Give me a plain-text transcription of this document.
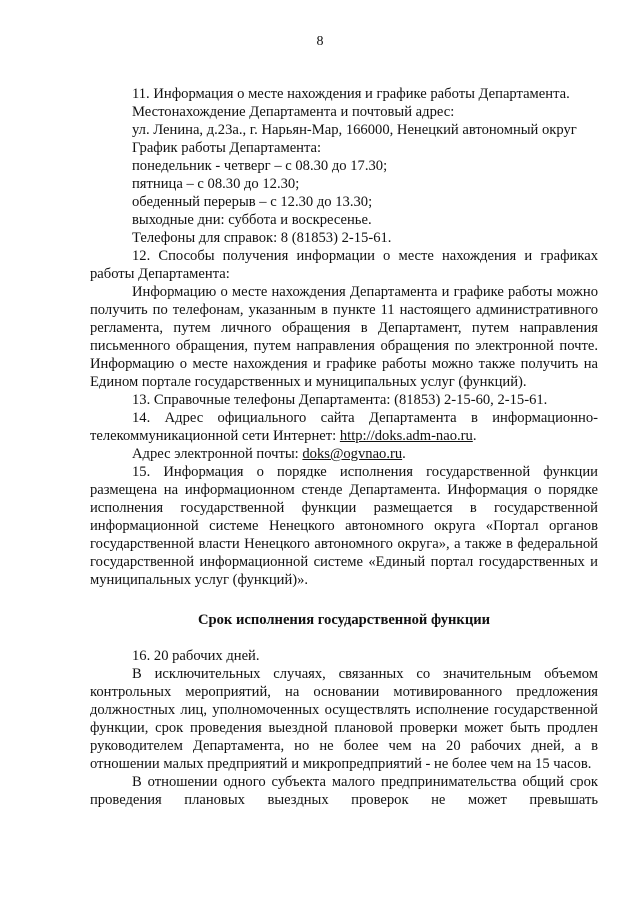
8

11. Информация о месте нахождения и графике работы Департамента.

Местонахождение Департамента и почтовый адрес:

ул. Ленина, д.23а., г. Нарьян-Мар, 166000, Ненецкий автономный округ

График работы Департамента:

понедельник - четверг – с 08.30 до 17.30;

пятница – с 08.30 до 12.30;

обеденный перерыв – с 12.30 до 13.30;

выходные дни: суббота и воскресенье.

Телефоны для справок: 8 (81853) 2-15-61.

12. Способы получения информации о месте нахождения и графиках работы Департамента:

Информацию о месте нахождения Департамента и графике работы можно получить по телефонам, указанным в пункте 11 настоящего административного регламента, путем личного обращения в Департамент, путем направления письменного обращения, путем направления обращения по электронной почте. Информацию о месте нахождения и графике работы можно также получить на Едином портале государственных и муниципальных услуг (функций).

13. Справочные телефоны Департамента: (81853) 2-15-60, 2-15-61.

14. Адрес официального сайта Департамента в информационно-телекоммуникационной сети Интернет: http://doks.adm-nao.ru.

Адрес электронной почты: doks@ogvnao.ru.

15. Информация о порядке исполнения государственной функции размещена на информационном стенде Департамента. Информация о порядке исполнения государственной функции размещается в государственной информационной системе Ненецкого автономного округа «Портал органов государственной власти Ненецкого автономного округа», а также в федеральной государственной информационной системе «Единый портал государственных и муниципальных услуг (функций)».

Срок исполнения государственной функции

16. 20 рабочих дней.

В исключительных случаях, связанных со значительным объемом контрольных мероприятий, на основании мотивированного предложения должностных лиц, уполномоченных осуществлять исполнение государственной функции, срок проведения выездной плановой проверки может быть продлен руководителем Департамента, но не более чем на 20 рабочих дней, а в отношении малых предприятий и микропредприятий - не более чем на 15 часов.

В отношении одного субъекта малого предпринимательства общий срок проведения плановых выездных проверок не может превышать
